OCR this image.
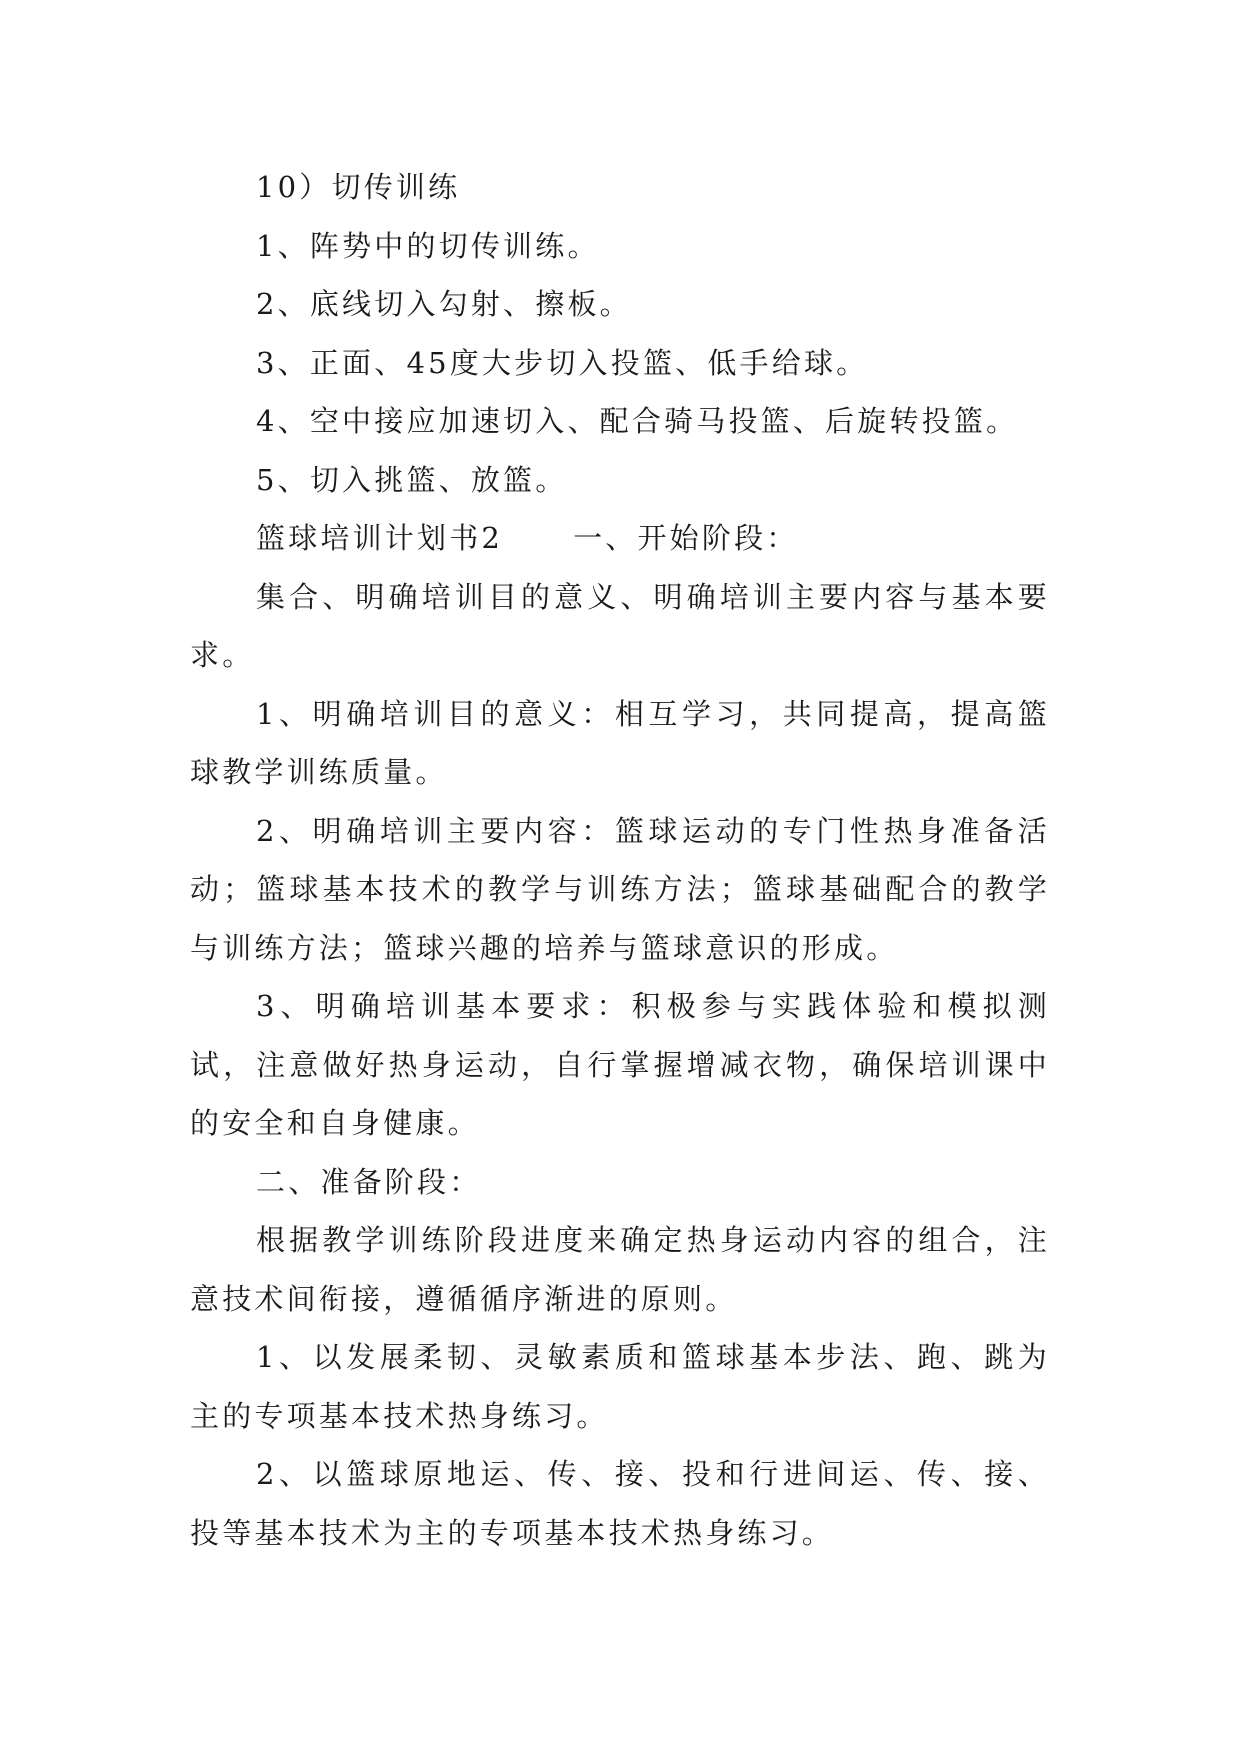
10）切传训练

1、阵势中的切传训练。

2、底线切入勾射、擦板。

3、正面、45度大步切入投篮、低手给球。

4、空中接应加速切入、配合骑马投篮、后旋转投篮。

5、切入挑篮、放篮。

篮球培训计划书2 一、开始阶段：

集合、明确培训目的意义、明确培训主要内容与基本要求。

1、明确培训目的意义：相互学习，共同提高，提高篮球教学训练质量。

2、明确培训主要内容：篮球运动的专门性热身准备活动；篮球基本技术的教学与训练方法；篮球基础配合的教学与训练方法；篮球兴趣的培养与篮球意识的形成。

3、明确培训基本要求：积极参与实践体验和模拟测试，注意做好热身运动，自行掌握增减衣物，确保培训课中的安全和自身健康。

二、准备阶段：

根据教学训练阶段进度来确定热身运动内容的组合，注意技术间衔接，遵循循序渐进的原则。

1、以发展柔韧、灵敏素质和篮球基本步法、跑、跳为主的专项基本技术热身练习。

2、以篮球原地运、传、接、投和行进间运、传、接、投等基本技术为主的专项基本技术热身练习。
